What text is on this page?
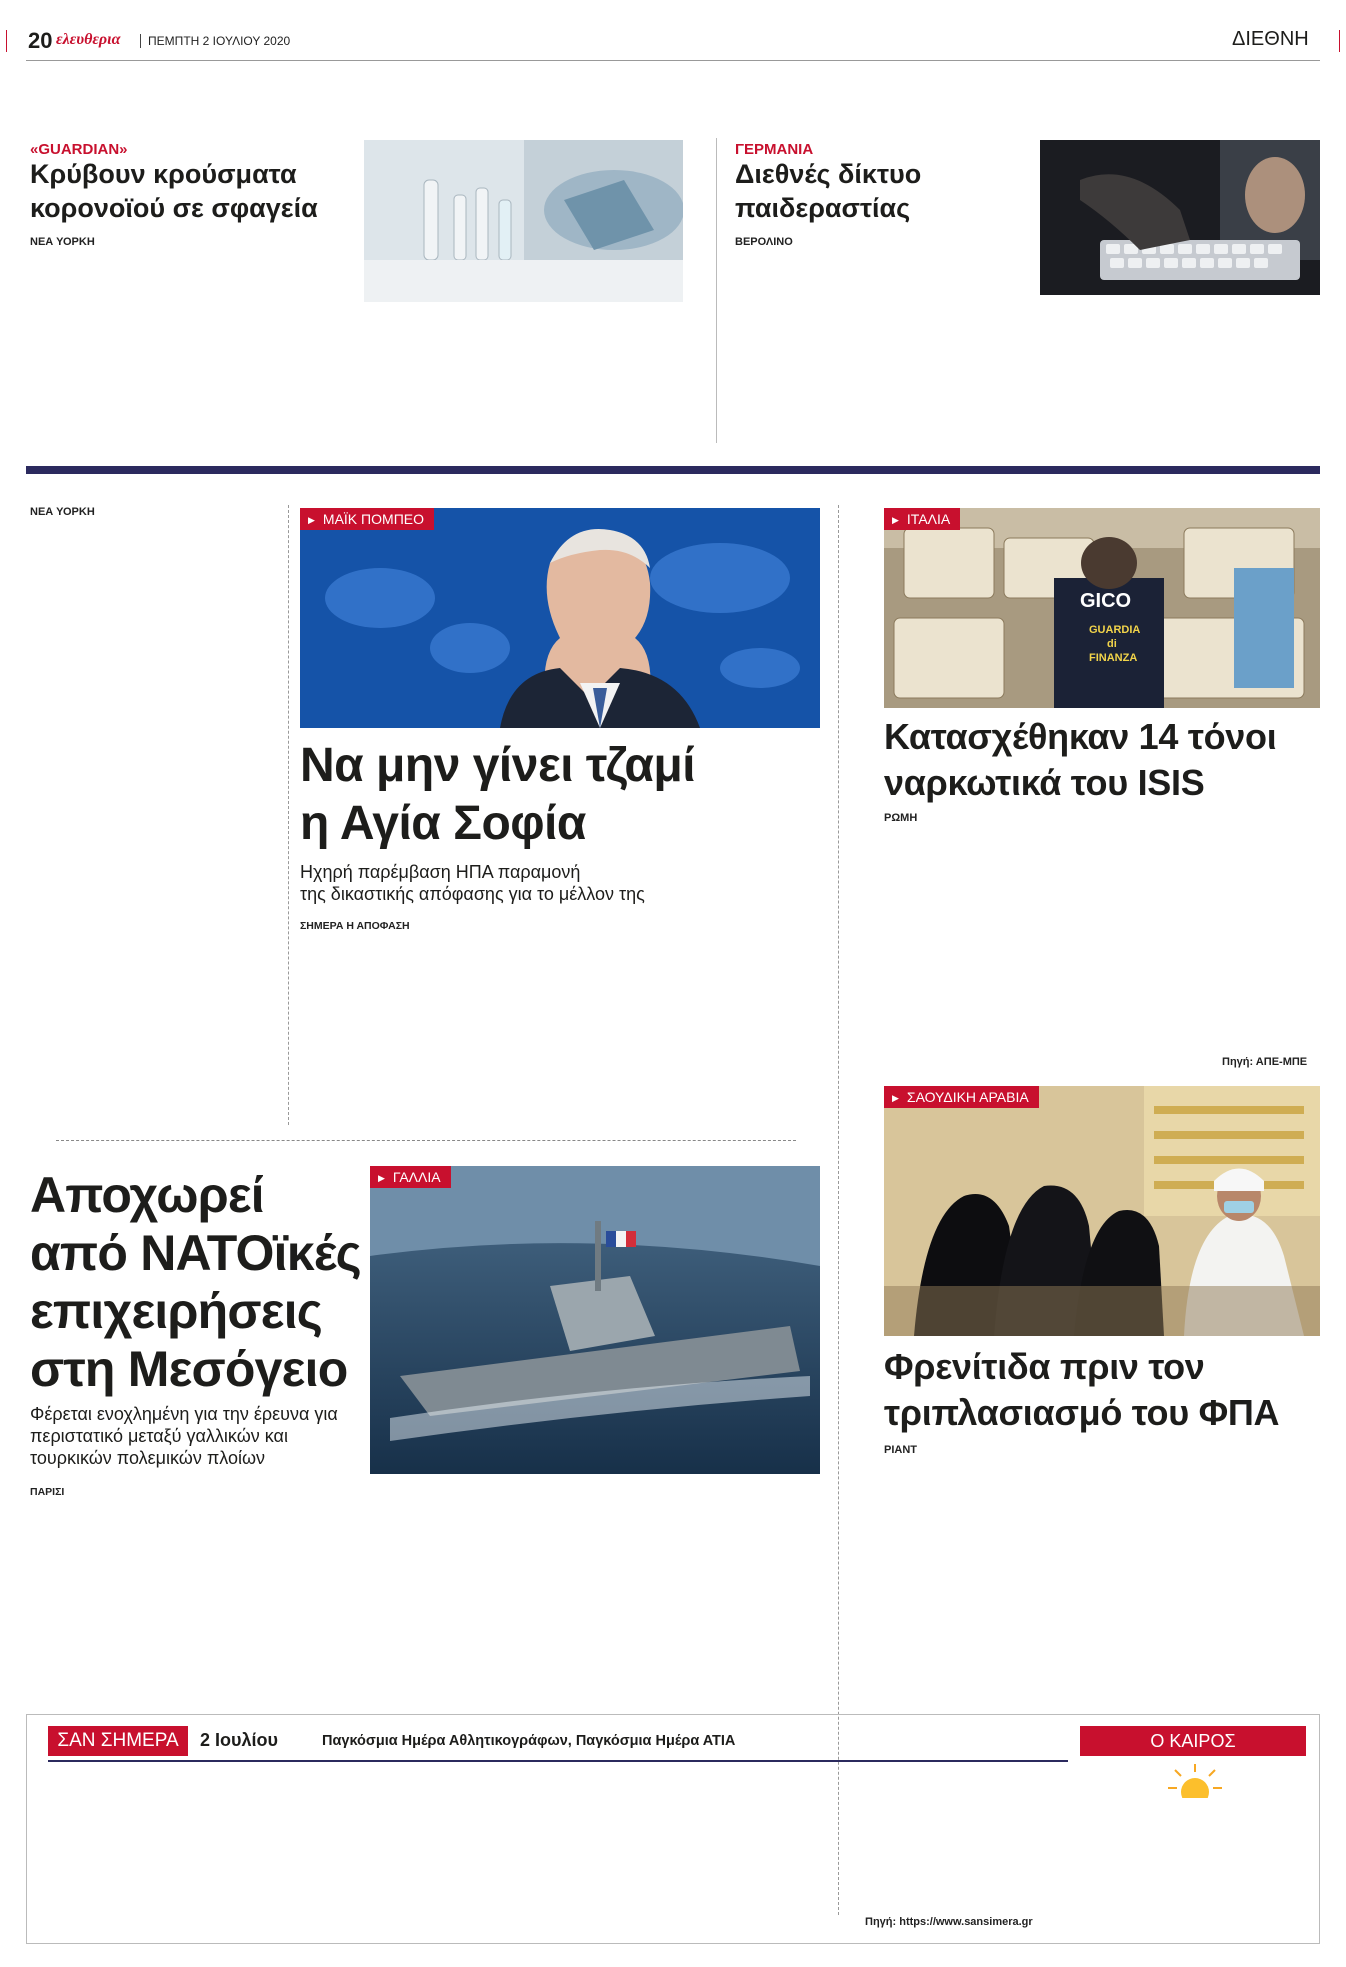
20 ελευθερια ΠΕΜΠΤΗ 2 ΙΟΥΛΙΟΥ 2020	ΔΙΕΘΝΗ
«GUARDIAN»
Κρύβουν κρούσματα
κορονοϊού σε σφαγεία
ΝΕΑ ΥΟΡΚΗ
ΓΕΡΜΑΝΙΑ
Διεθνές δίκτυο
παιδεραστίας
ΒΕΡΟΛΙΝΟ
ΝΕΑ ΥΟΡΚΗ
▶	ΜΑΪΚ ΠΟΜΠΕΟ
Να μην γίνει τζαμί
η Αγία Σοφία
Ηχηρή παρέμβαση ΗΠΑ παραμονή
της δικαστικής απόφασης για το μέλλον της
ΣΗΜΕΡΑ Η ΑΠΟΦΑΣΗ
GICO
GUARDIA
di
FINANZA
▶ ΙΤΑΛΙΑ
Κατασχέθηκαν 14 τόνοι
ναρκωτικά του ISIS
ΡΩΜΗ
Πηγή: ΑΠΕ-ΜΠΕ
▶ ΣΑΟΥΔΙΚΗ ΑΡΑΒΙΑ
Φρενίτιδα πριν τον
τριπλασιασμό του ΦΠΑ
ΡΙΑΝΤ
▶ ΓΑΛΛΙΑ
Αποχωρεί
από ΝΑΤΟϊκές
επιχειρήσεις
στη Μεσόγειο
Φέρεται ενοχλημένη για την έρευνα για
περιστατικό μεταξύ γαλλικών και
τουρκικών πολεμικών πλοίων
ΠΑΡΙΣΙ
ΣΑΝ ΣΗΜΕΡΑ	2 Ιουλίου	Παγκόσμια Ημέρα Αθλητικογράφων, Παγκόσμια Ημέρα ΑΤΙΑ
Πηγή: https://www.sansimera.gr
Ο ΚΑΙΡΟΣ
